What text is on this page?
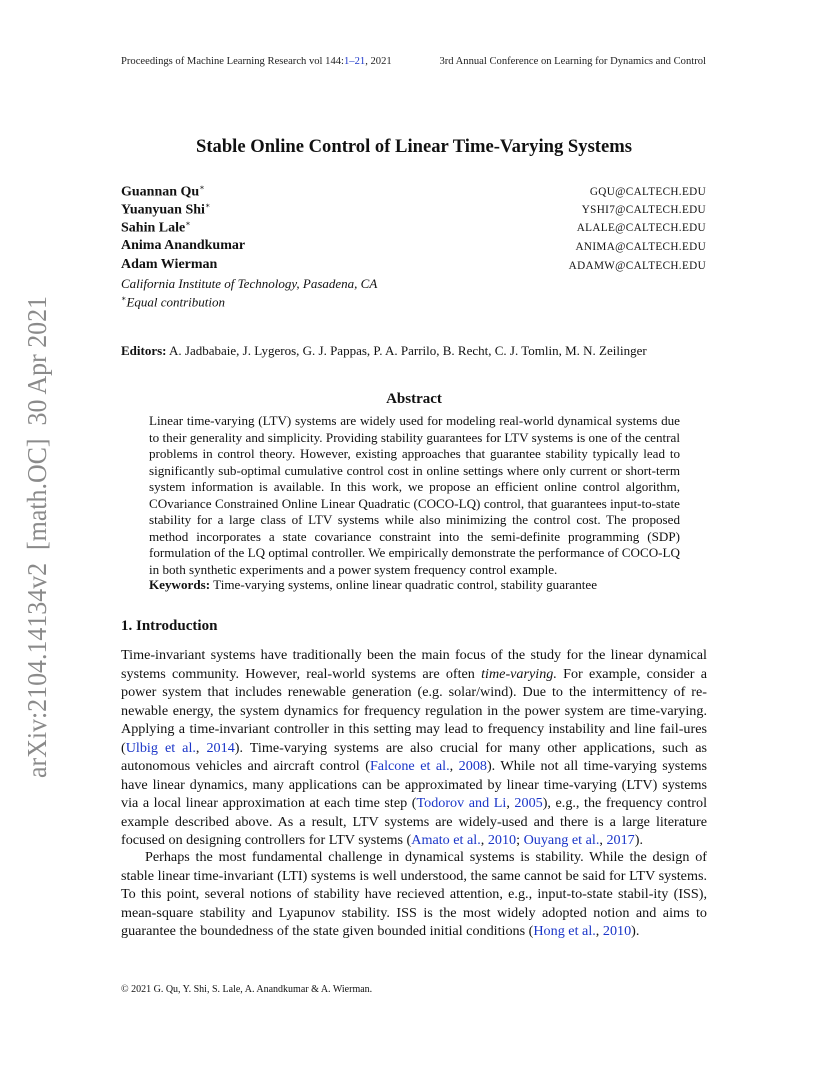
Proceedings of Machine Learning Research vol 144:1–21, 2021	3rd Annual Conference on Learning for Dynamics and Control
Stable Online Control of Linear Time-Varying Systems
Guannan Qu∗	GQU@CALTECH.EDU
Yuanyuan Shi∗	YSHI7@CALTECH.EDU
Sahin Lale∗	ALALE@CALTECH.EDU
Anima Anandkumar	ANIMA@CALTECH.EDU
Adam Wierman	ADAMW@CALTECH.EDU
California Institute of Technology, Pasadena, CA
∗Equal contribution
Editors: A. Jadbabaie, J. Lygeros, G. J. Pappas, P. A. Parrilo, B. Recht, C. J. Tomlin, M. N. Zeilinger
Abstract
Linear time-varying (LTV) systems are widely used for modeling real-world dynamical systems due to their generality and simplicity. Providing stability guarantees for LTV systems is one of the central problems in control theory. However, existing approaches that guarantee stability typically lead to significantly sub-optimal cumulative control cost in online settings where only current or short-term system information is available. In this work, we propose an efficient online control algorithm, COvariance Constrained Online Linear Quadratic (COCO-LQ) control, that guarantees input-to-state stability for a large class of LTV systems while also minimizing the control cost. The proposed method incorporates a state covariance constraint into the semi-definite programming (SDP) formulation of the LQ optimal controller. We empirically demonstrate the performance of COCO-LQ in both synthetic experiments and a power system frequency control example.
Keywords: Time-varying systems, online linear quadratic control, stability guarantee
1. Introduction
Time-invariant systems have traditionally been the main focus of the study for the linear dynamical systems community. However, real-world systems are often time-varying. For example, consider a power system that includes renewable generation (e.g. solar/wind). Due to the intermittency of re-newable energy, the system dynamics for frequency regulation in the power system are time-varying. Applying a time-invariant controller in this setting may lead to frequency instability and line fail-ures (Ulbig et al., 2014). Time-varying systems are also crucial for many other applications, such as autonomous vehicles and aircraft control (Falcone et al., 2008). While not all time-varying systems have linear dynamics, many applications can be approximated by linear time-varying (LTV) systems via a local linear approximation at each time step (Todorov and Li, 2005), e.g., the frequency control example described above. As a result, LTV systems are widely-used and there is a large literature focused on designing controllers for LTV systems (Amato et al., 2010; Ouyang et al., 2017).
Perhaps the most fundamental challenge in dynamical systems is stability. While the design of stable linear time-invariant (LTI) systems is well understood, the same cannot be said for LTV systems. To this point, several notions of stability have recieved attention, e.g., input-to-state stabil-ity (ISS), mean-square stability and Lyapunov stability. ISS is the most widely adopted notion and aims to guarantee the boundedness of the state given bounded initial conditions (Hong et al., 2010).
© 2021 G. Qu, Y. Shi, S. Lale, A. Anandkumar & A. Wierman.
arXiv:2104.14134v2  [math.OC]  30 Apr 2021
